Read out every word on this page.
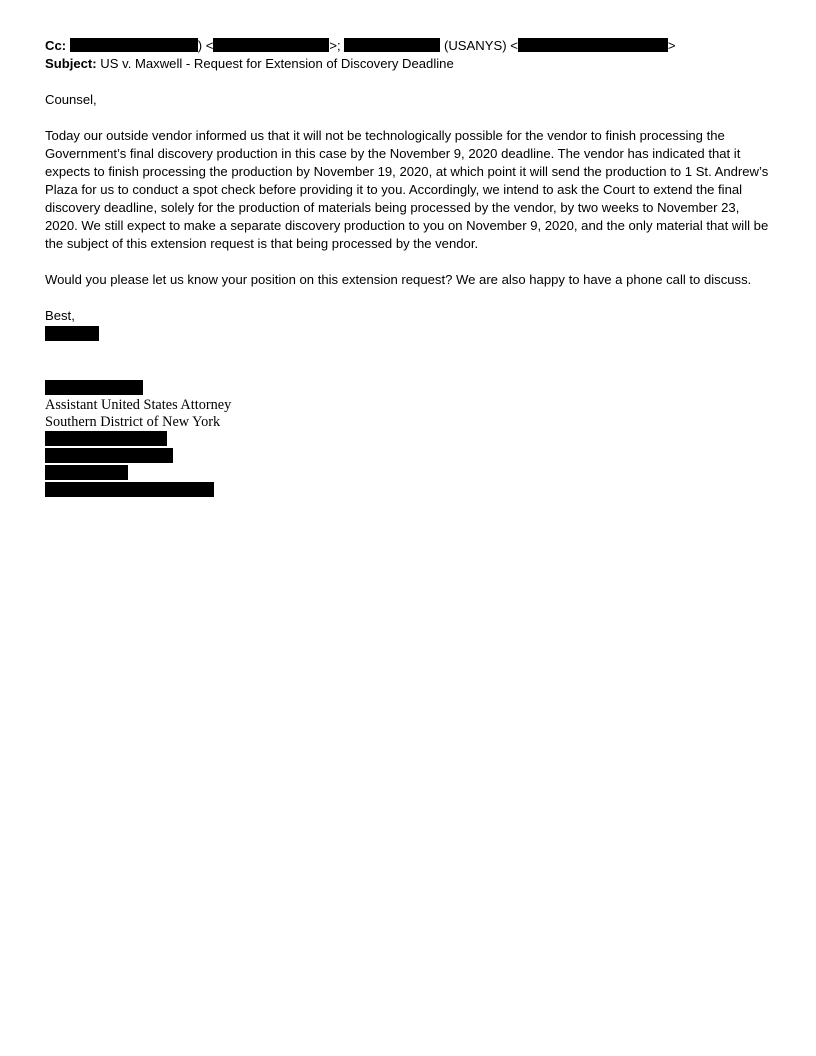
Cc:	) <	>;	(USANYS) <	>
Subject: US v. Maxwell - Request for Extension of Discovery Deadline

Counsel,

Today our outside vendor informed us that it will not be technologically possible for the vendor to finish processing the Government’s final discovery production in this case by the November 9, 2020 deadline. The vendor has indicated that it expects to finish processing the production by November 19, 2020, at which point it will send the production to 1 St. Andrew’s Plaza for us to conduct a spot check before providing it to you. Accordingly, we intend to ask the Court to extend the final discovery deadline, solely for the production of materials being processed by the vendor, by two weeks to November 23, 2020. We still expect to make a separate discovery production to you on November 9, 2020, and the only material that will be the subject of this extension request is that being processed by the vendor.

Would you please let us know your position on this extension request? We are also happy to have a phone call to discuss.

Best,

Assistant United States Attorney
Southern District of New York
